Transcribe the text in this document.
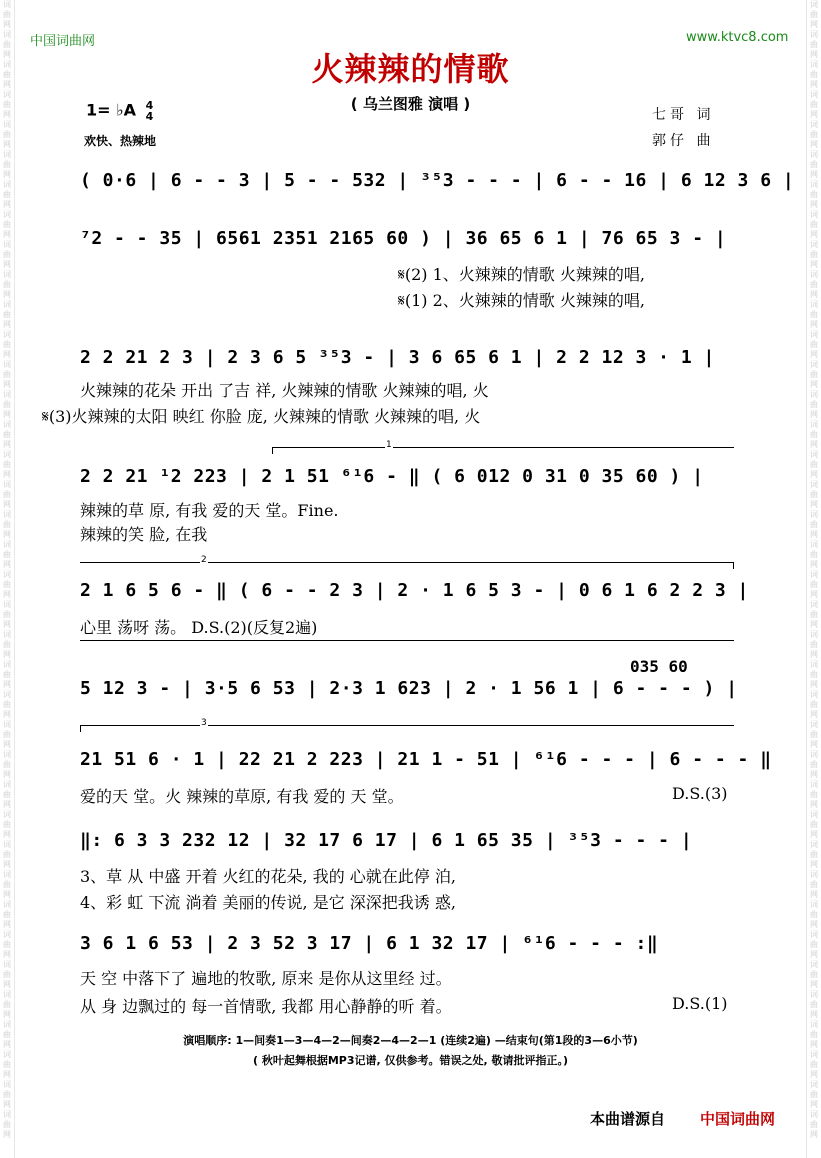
词
曲
网
词
曲
网
词
曲
网
词
曲
网
词
曲
网
词
曲
网
词
曲
网
词
曲
网
词
曲
网
词
曲
网
词
曲
网
词
曲
网
词
曲
网
词
曲
网
词
曲
网
词
曲
网
词
曲
网
词
曲
网
词
曲
网
词
曲
网
词
曲
网
词
曲
网
词
曲
网
词
曲
网
词
曲
网
词
曲
网
词
曲
网
词
曲
网
词
曲
网
词
曲
网
词
曲
网
词
曲
网
词
曲
网
词
曲
网
词
曲
网
词
曲
网
词
曲
网
词
曲
网
词
曲
网
词
曲
网
词
曲
网
词
曲
网
词
曲
网
词
曲
网
词
曲
网
词
曲
网
词
曲
网
词
曲
网
词
曲
网
词
曲
网
词
曲
网
词
曲
网
词
曲
网
词
曲
网
词
曲
网
词
曲
网
词
曲
网
词
曲
网
词
曲
网
词
曲
网
词
曲
网
词
曲
网
词
曲
网
词
曲
网
词
曲
网
词
曲
网
词
曲
网
词
曲
网
词
曲
网
词
曲
网
词
曲
网
词
曲
网
词
曲
网
词
曲
网
词
曲
网
词
曲
网
中国词曲网	www.ktvc8.com
火辣辣的情歌
( 乌兰图雅 演唱 )
1= ♭A 4
4
欢快、热辣地
七哥 词
郭仔 曲
( 0·6 | 6 - - 3 | 5 - - 532 | ³⁵3 - - - | 6 - - 16 | 6 12 3 6 |
⁷2 - - 35 | 6561 2351 2165 60 ) | 36 65 6 1 | 76 65 3 - |
𝄋(2) 1、火辣辣的情歌 火辣辣的唱,
𝄋(1) 2、火辣辣的情歌 火辣辣的唱,
2 2 21 2 3 | 2 3 6 5 ³⁵3 - | 3 6 65 6 1 | 2 2 12 3 · 1 |
火辣辣的花朵 开出 了吉 祥, 火辣辣的情歌 火辣辣的唱, 火
𝄋(3)火辣辣的太阳 映红 你脸 庞, 火辣辣的情歌 火辣辣的唱, 火
1
2 2 21 ¹2 223 | 2 1 51 ⁶¹6 - ‖ ( 6 012 0 31 0 35 60 ) |
辣辣的草 原, 有我 爱的天 堂。Fine.
辣辣的笑 脸, 在我
2
2 1 6 5 6 - ‖ ( 6 - - 2 3 | 2 · 1 6 5 3 - | 0 6 1 6 2 2 3 |
心里 荡呀 荡。 D.S.(2)(反复2遍)
035 60
5 12 3 - | 3·5 6 53 | 2·3 1 623 | 2 · 1 56 1 | 6 - - - ) |
3
21 51 6 · 1 | 22 21 2 223 | 21 1 - 51 | ⁶¹6 - - - | 6 - - - ‖
爱的天 堂。火 辣辣的草原, 有我 爱的 天 堂。	D.S.(3)
‖: 6 3 3 232 12 | 32 17 6 17 | 6 1 65 35 | ³⁵3 - - - |
3、草 从 中盛 开着 火红的花朵, 我的 心就在此停 泊,
4、彩 虹 下流 淌着 美丽的传说, 是它 深深把我诱 惑,
3 6 1 6 53 | 2 3 52 3 17 | 6 1 32 17 | ⁶¹6 - - - :‖
天 空 中落下了 遍地的牧歌, 原来 是你从这里经 过。
从 身 边飘过的 每一首情歌, 我都 用心静静的听 着。	D.S.(1)
演唱顺序: 1—间奏1—3—4—2—间奏2—4—2—1 (连续2遍) —结束句(第1段的3—6小节)
( 秋叶起舞根据MP3记谱, 仅供参考。错误之处, 敬请批评指正。)
本曲谱源自 中国词曲网
